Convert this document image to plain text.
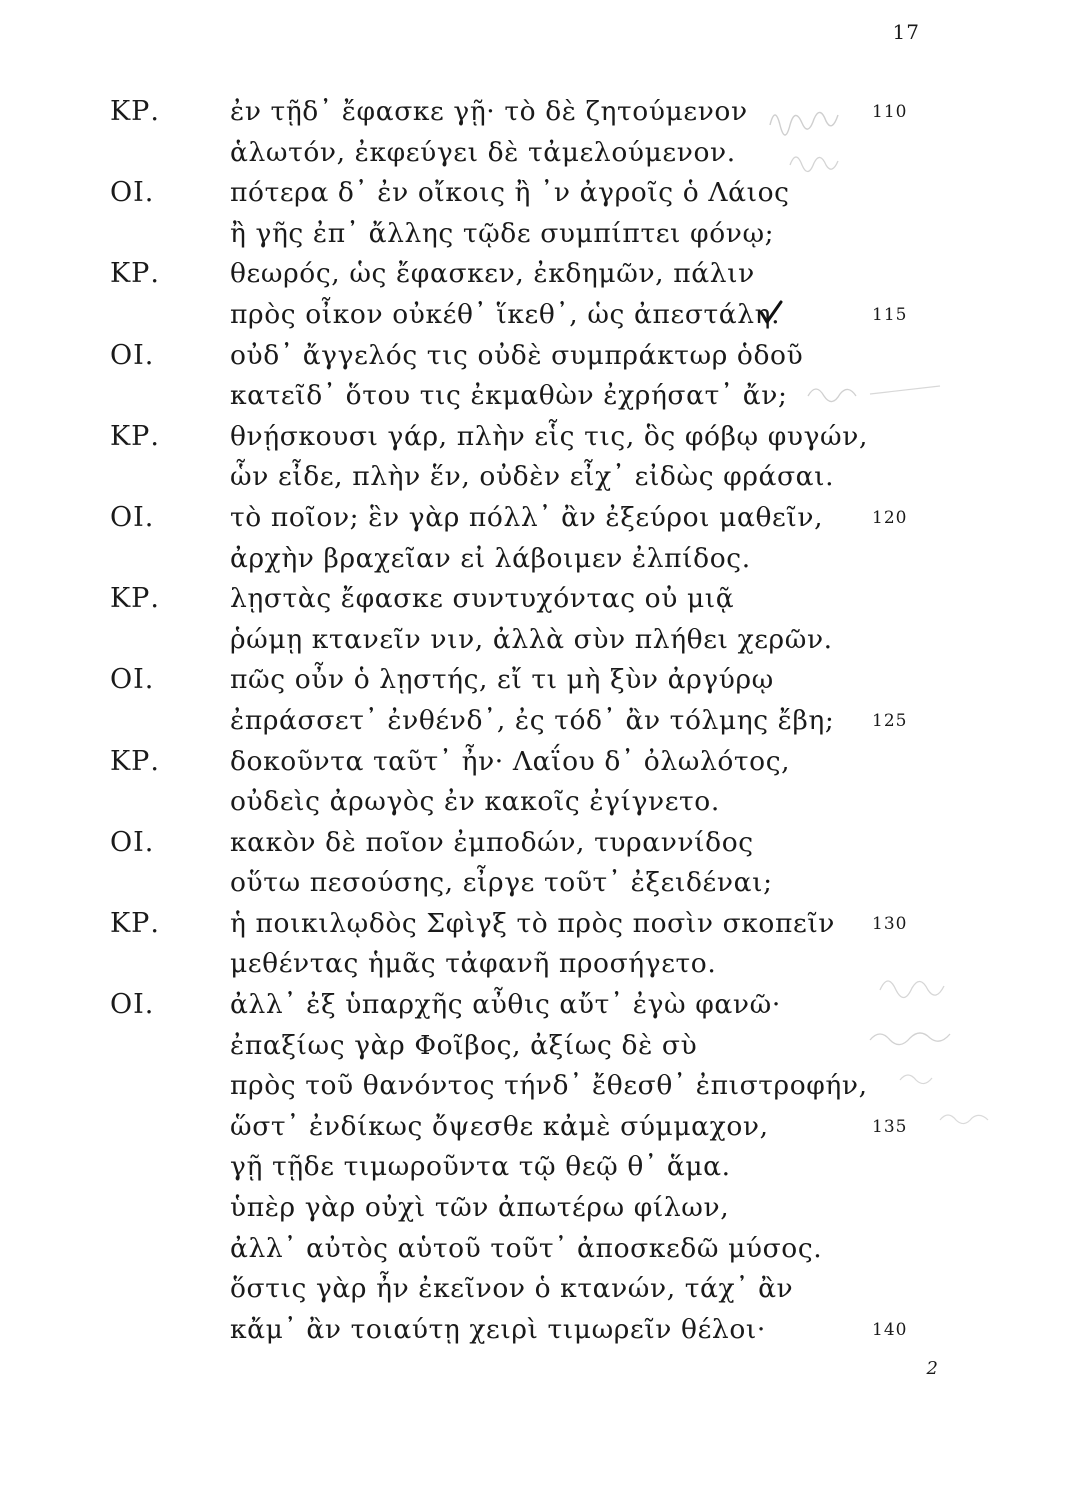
17
ΚΡ.	ἐν τῇδ᾽ ἔφασκε γῇ· τὸ δὲ ζητούμενον	110
ἁλωτόν, ἐκφεύγει δὲ τἀμελούμενον.
ΟΙ.	πότερα δ᾽ ἐν οἴκοις ἢ ᾽ν ἀγροῖς ὁ Λάιος
ἢ γῆς ἐπ᾽ ἄλλης τῷδε συμπίπτει φόνῳ;
ΚΡ.	θεωρός, ὡς ἔφασκεν, ἐκδημῶν, πάλιν
πρὸς οἶκον οὐκέθ᾽ ἵκεθ᾽, ὡς ἀπεστάλη.	115
ΟΙ.	οὐδ᾽ ἄγγελός τις οὐδὲ συμπράκτωρ ὁδοῦ
κατεῖδ᾽ ὅτου τις ἐκμαθὼν ἐχρήσατ᾽ ἄν;
ΚΡ.	θνῄσκουσι γάρ, πλὴν εἷς τις, ὃς φόβῳ φυγών,
ὧν εἶδε, πλὴν ἕν, οὐδὲν εἶχ᾽ εἰδὼς φράσαι.
ΟΙ.	τὸ ποῖον; ἓν γὰρ πόλλ᾽ ἂν ἐξεύροι μαθεῖν,	120
ἀρχὴν βραχεῖαν εἰ λάβοιμεν ἐλπίδος.
ΚΡ.	λῃστὰς ἔφασκε συντυχόντας οὐ μιᾷ
ῥώμῃ κτανεῖν νιν, ἀλλὰ σὺν πλήθει χερῶν.
ΟΙ.	πῶς οὖν ὁ λῃστής, εἴ τι μὴ ξὺν ἀργύρῳ
ἐπράσσετ᾽ ἐνθένδ᾽, ἐς τόδ᾽ ἂν τόλμης ἔβη; 125
ΚΡ.	δοκοῦντα ταῦτ᾽ ἦν· Λαΐου δ᾽ ὀλωλότος,
οὐδεὶς ἀρωγὸς ἐν κακοῖς ἐγίγνετο.
ΟΙ.	κακὸν δὲ ποῖον ἐμποδών, τυραννίδος
οὕτω πεσούσης, εἶργε τοῦτ᾽ ἐξειδέναι;
ΚΡ.	ἡ ποικιλῳδὸς Σφὶγξ τὸ πρὸς ποσὶν σκοπεῖν 130
μεθέντας ἡμᾶς τἀφανῆ προσήγετο.
ΟΙ.	ἀλλ᾽ ἐξ ὑπαρχῆς αὖθις αὔτ᾽ ἐγὼ φανῶ·
ἐπαξίως γὰρ Φοῖβος, ἀξίως δὲ σὺ
πρὸς τοῦ θανόντος τήνδ᾽ ἔθεσθ᾽ ἐπιστροφήν,
ὥστ᾽ ἐνδίκως ὄψεσθε κἀμὲ σύμμαχον,	135
γῇ τῇδε τιμωροῦντα τῷ θεῷ θ᾽ ἅμα.
ὑπὲρ γὰρ οὐχὶ τῶν ἀπωτέρω φίλων,
ἀλλ᾽ αὐτὸς αὑτοῦ τοῦτ᾽ ἀποσκεδῶ μύσος.
ὅστις γὰρ ἦν ἐκεῖνον ὁ κτανών, τάχ᾽ ἂν
κἄμ᾽ ἂν τοιαύτῃ χειρὶ τιμωρεῖν θέλοι·	140
2
